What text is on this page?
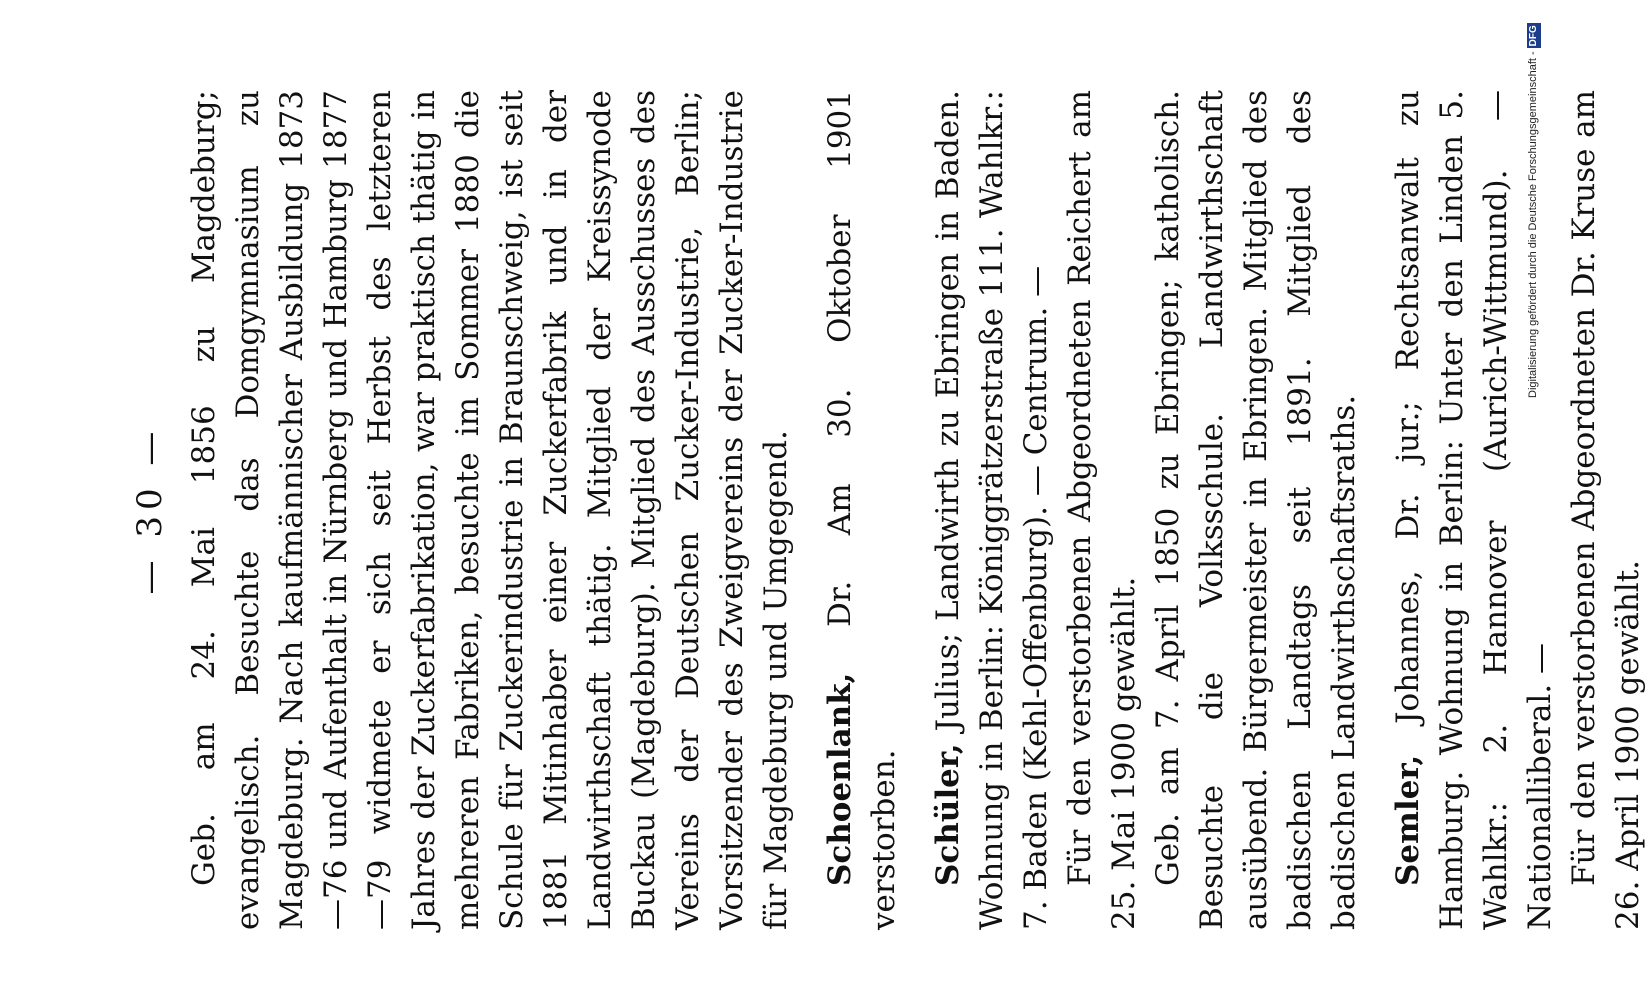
— 30 — Geb. am 24. Mai 1856 zu Magdeburg; evangelisch. Besuchte das Domgymnasium zu Magdeburg. Nach kaufmännischer Ausbildung 1873—76 und Aufenthalt in Nürnberg und Hamburg 1877—79 widmete er sich seit Herbst des letzteren Jahres der Zuckerfabrikation, war praktisch thätig in mehreren Fabriken, besuchte im Sommer 1880 die Schule für Zuckerindustrie in Braunschweig, ist seit 1881 Mitinhaber einer Zuckerfabrik und in der Landwirthschaft thätig. Mitglied der Kreissynode Buckau (Magdeburg). Mitglied des Ausschusses des Vereins der Deutschen Zucker-Industrie, Berlin; Vorsitzender des Zweigvereins der Zucker-Industrie für Magdeburg und Umgegend. Schoenlank, Dr. Am 30. Oktober 1901 verstorben. Schüler, Julius; Landwirth zu Ebringen in Baden. Wohnung in Berlin: Königgrätzerstraße 111. Wahlkr.: 7. Baden (Kehl-Offenburg). — Centrum. — Für den verstorbenen Abgeordneten Reichert am 25. Mai 1900 gewählt. Geb. am 7. April 1850 zu Ebringen; katholisch. Besuchte die Volksschule. Landwirthschaft ausübend. Bürgermeister in Ebringen. Mitglied des badischen Landtags seit 1891. Mitglied des badischen Landwirthschaftsraths. Semler, Johannes, Dr. jur.; Rechtsanwalt zu Hamburg. Wohnung in Berlin: Unter den Linden 5. Wahlkr.: 2. Hannover (Aurich-Wittmund). — Nationalliberal. — Für den verstorbenen Abgeordneten Dr. Kruse am 26. April 1900 gewählt.

Digitalisierung gefördert durch die Deutsche Forschungsgemeinschaft -DFG
